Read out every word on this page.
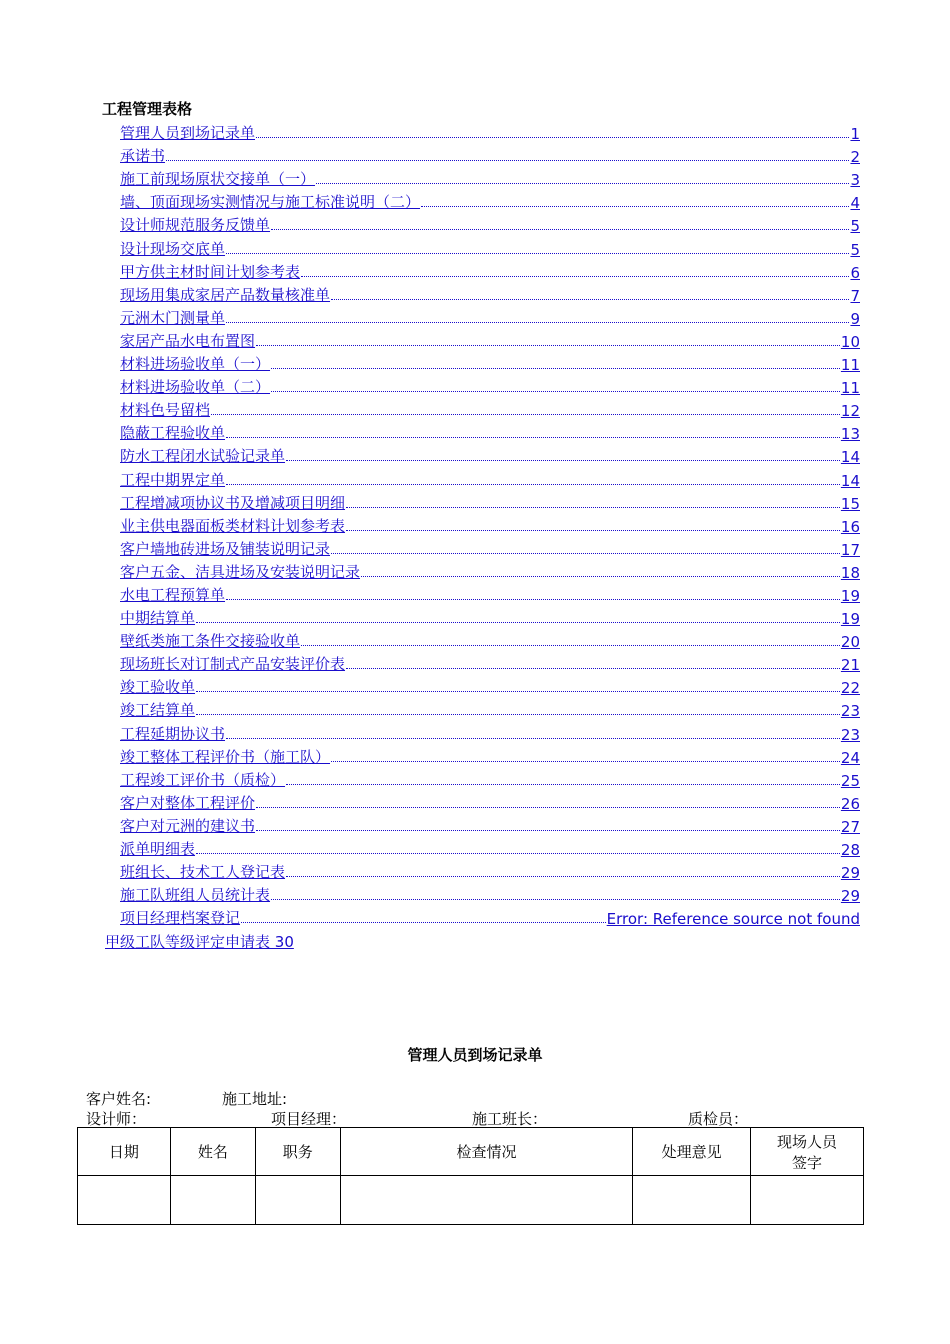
工程管理表格
管理人员到场记录单	1
承诺书	2
施工前现场原状交接单（一）	3
墙、顶面现场实测情况与施工标准说明（二）	4
设计师规范服务反馈单	5
设计现场交底单	5
甲方供主材时间计划参考表	6
现场用集成家居产品数量核准单	7
元洲木门测量单	9
家居产品水电布置图	10
材料进场验收单（一）	11
材料进场验收单（二）	11
材料色号留档	12
隐蔽工程验收单	13
防水工程闭水试验记录单	14
工程中期界定单	14
工程增减项协议书及增减项目明细	15
业主供电器面板类材料计划参考表	16
客户墙地砖进场及铺装说明记录	17
客户五金、洁具进场及安装说明记录	18
水电工程预算单	19
中期结算单	19
壁纸类施工条件交接验收单	20
现场班长对订制式产品安装评价表	21
竣工验收单	22
竣工结算单	23
工程延期协议书	23
竣工整体工程评价书（施工队）	24
工程竣工评价书（质检）	25
客户对整体工程评价	26
客户对元洲的建议书	27
派单明细表	28
班组长、技术工人登记表	29
施工队班组人员统计表	29
项目经理档案登记	Error: Reference source not found
甲级工队等级评定申请表 30
管理人员到场记录单
客户姓名:	施工地址:
设计师：	项目经理：	施工班长：	质检员：
日期	姓名	职务	检查情况	处理意见	现场人员
签字
